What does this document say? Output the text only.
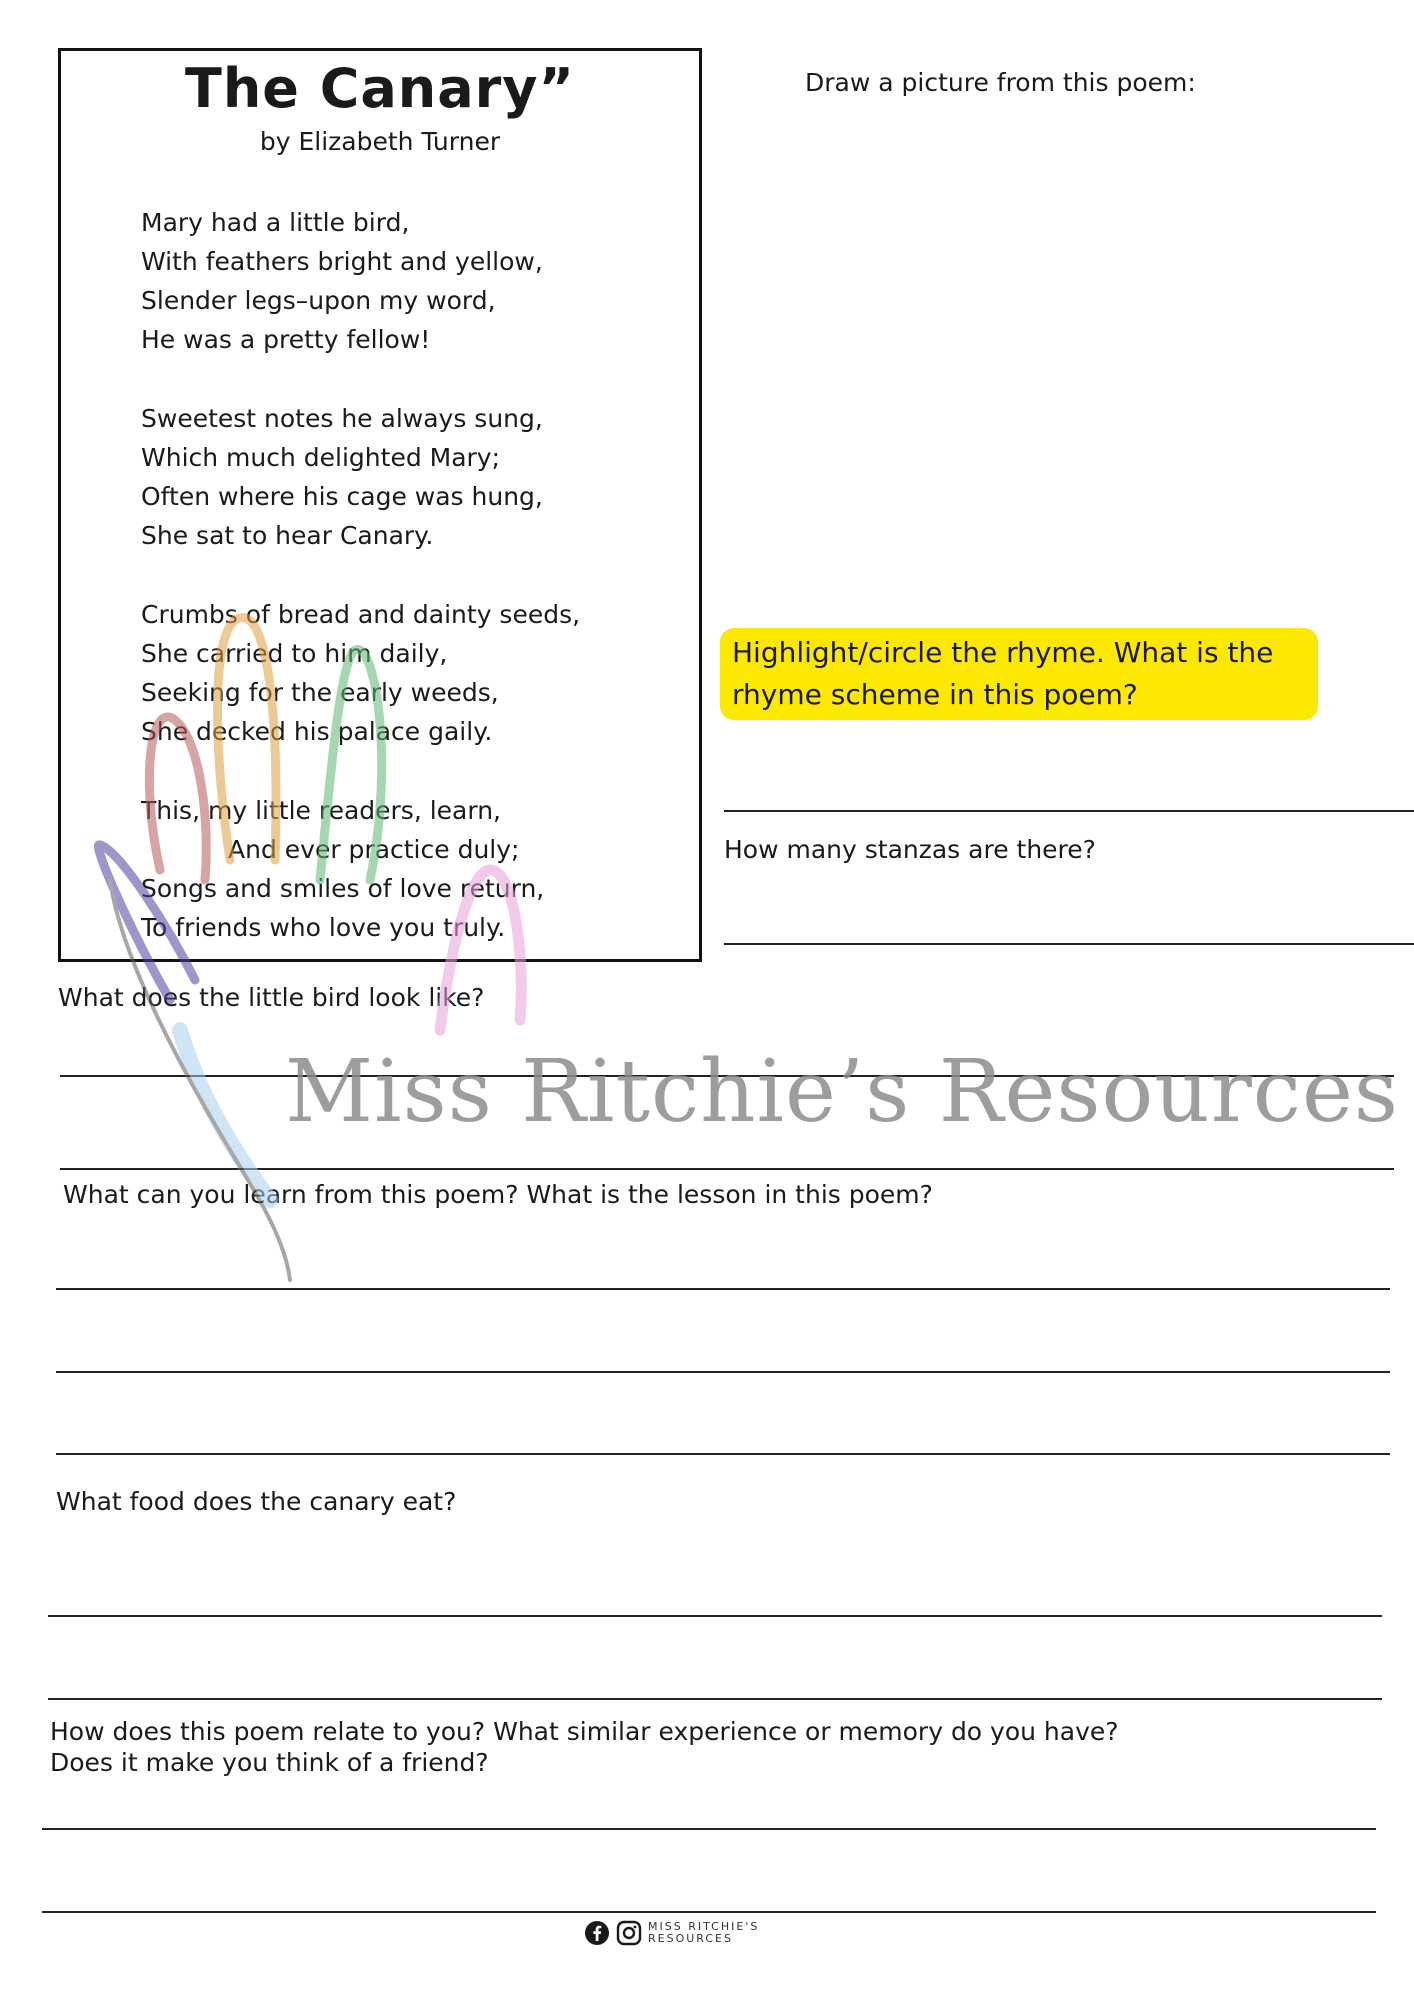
The Canary”
by Elizabeth Turner
Mary had a little bird,
With feathers bright and yellow,
Slender legs–upon my word,
He was a pretty fellow!
Sweetest notes he always sung,
Which much delighted Mary;
Often where his cage was hung,
She sat to hear Canary.
Crumbs of bread and dainty seeds,
She carried to him daily,
Seeking for the early weeds,
She decked his palace gaily.
This, my little readers, learn,
And ever practice duly;
Songs and smiles of love return,
To friends who love you truly.
Draw a picture from this poem:
Highlight/circle the rhyme. What is the
rhyme scheme in this poem?
How many stanzas are there?
What does the little bird look like?
What can you learn from this poem? What is the lesson in this poem?
What food does the canary eat?
How does this poem relate to you? What similar experience or memory do you have?
Does it make you think of a friend?
Miss Ritchie’s Resources
MISS RITCHIE'S
RESOURCES
